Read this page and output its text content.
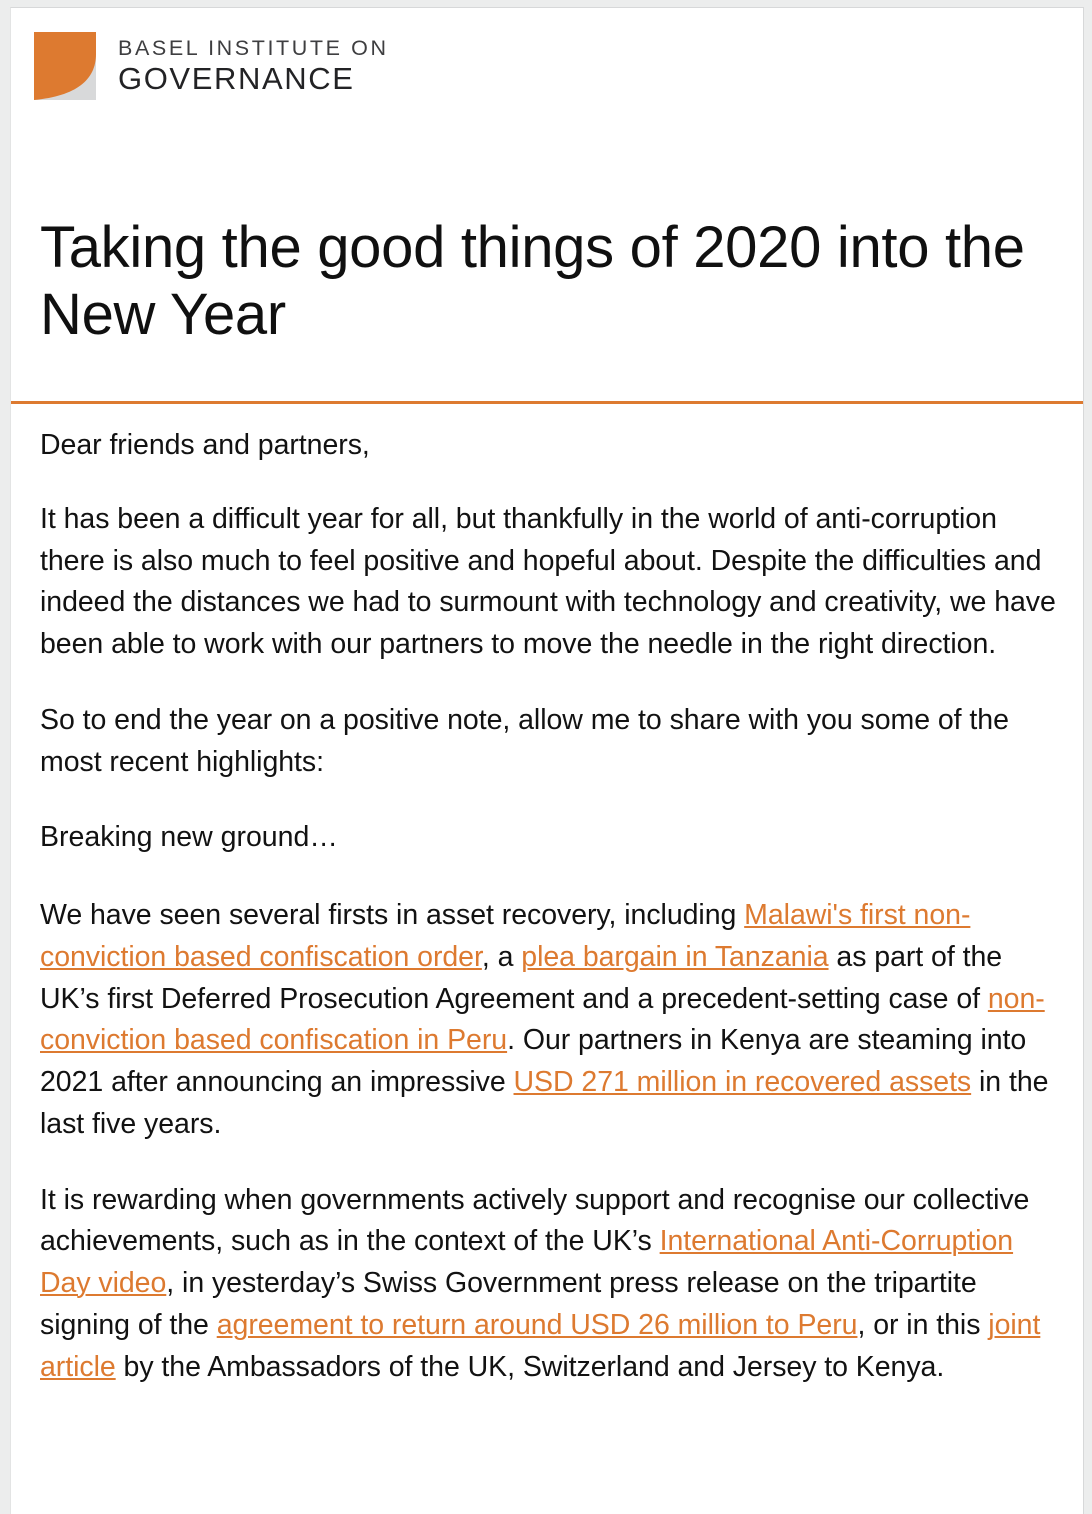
BASEL INSTITUTE ON
GOVERNANCE
Taking the good things of 2020 into the New Year

Dear friends and partners,

It has been a difficult year for all, but thankfully in the world of anti-corruption there is also much to feel positive and hopeful about. Despite the difficulties and indeed the distances we had to surmount with technology and creativity, we have been able to work with our partners to move the needle in the right direction.

So to end the year on a positive note, allow me to share with you some of the most recent highlights:

Breaking new ground…

We have seen several firsts in asset recovery, including Malawi's first non-conviction based confiscation order, a plea bargain in Tanzania as part of the UK’s first Deferred Prosecution Agreement and a precedent-setting case of non-conviction based confiscation in Peru. Our partners in Kenya are steaming into 2021 after announcing an impressive USD 271 million in recovered assets in the last five years.

It is rewarding when governments actively support and recognise our collective achievements, such as in the context of the UK’s International Anti-Corruption Day video, in yesterday’s Swiss Government press release on the tripartite signing of the agreement to return around USD 26 million to Peru, or in this joint article by the Ambassadors of the UK, Switzerland and Jersey to Kenya.
